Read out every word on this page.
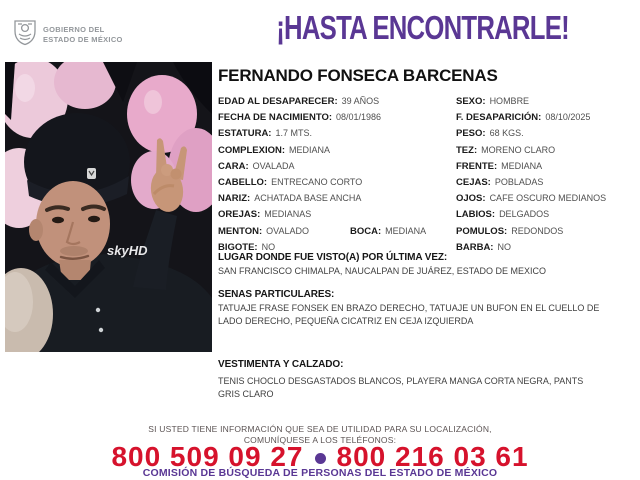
GOBIERNO DEL
ESTADO DE MÉXICO	¡HASTA ENCONTRARLE!
skyHD
FERNANDO FONSECA BARCENAS
EDAD AL DESAPARECER: 39 AÑOS	SEXO: HOMBRE
FECHA DE NACIMIENTO: 08/01/1986	F. DESAPARICIÓN: 08/10/2025
ESTATURA: 1.7 MTS.	PESO: 68 KGS.
COMPLEXION: MEDIANA	TEZ: MORENO CLARO
CARA: OVALADA	FRENTE: MEDIANA
CABELLO: ENTRECANO CORTO	CEJAS: POBLADAS
NARIZ: ACHATADA BASE ANCHA	OJOS: CAFE OSCURO MEDIANOS
OREJAS: MEDIANAS	LABIOS: DELGADOS
MENTON: OVALADO	BOCA: MEDIANA	POMULOS: REDONDOS
BIGOTE: NO	BARBA: NO
LUGAR DONDE FUE VISTO(A) POR ÚLTIMA VEZ:
SAN FRANCISCO CHIMALPA, NAUCALPAN DE JUÁREZ, ESTADO DE MEXICO
SENAS PARTICULARES:
TATUAJE FRASE FONSEK EN BRAZO DERECHO, TATUAJE UN BUFON EN EL CUELLO DE LADO DERECHO, PEQUEÑA CICATRIZ EN CEJA IZQUIERDA
VESTIMENTA Y CALZADO:
TENIS CHOCLO DESGASTADOS BLANCOS, PLAYERA MANGA CORTA NEGRA, PANTS GRIS CLARO
SI USTED TIENE INFORMACIÓN QUE SEA DE UTILIDAD PARA SU LOCALIZACIÓN,
COMUNÍQUESE A LOS TELÉFONOS:
800 509 09 27 800 216 03 61
COMISIÓN DE BÚSQUEDA DE PERSONAS DEL ESTADO DE MÉXICO
